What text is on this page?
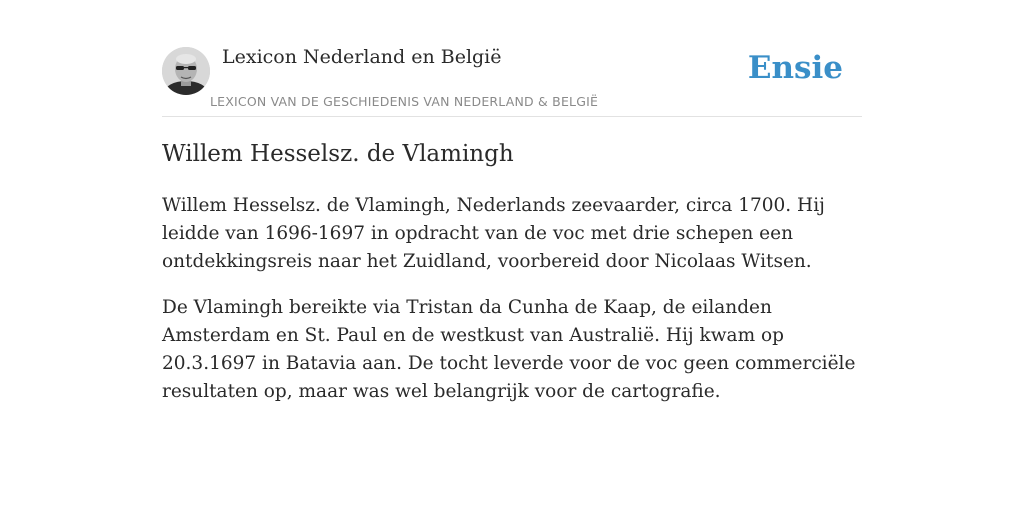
Lexicon Nederland en België
LEXICON VAN DE GESCHIEDENIS VAN NEDERLAND & BELGIË
Ensie
Willem Hesselsz. de Vlamingh

Willem Hesselsz. de Vlamingh, Nederlands zeevaarder, circa 1700. Hij leidde van 1696-1697 in opdracht van de voc met drie schepen een ontdekkingsreis naar het Zuidland, voorbereid door Nicolaas Witsen.

De Vlamingh bereikte via Tristan da Cunha de Kaap, de eilanden Amsterdam en St. Paul en de westkust van Australië. Hij kwam op 20.3.1697 in Batavia aan. De tocht leverde voor de voc geen commerciële resultaten op, maar was wel belangrijk voor de cartografie.
